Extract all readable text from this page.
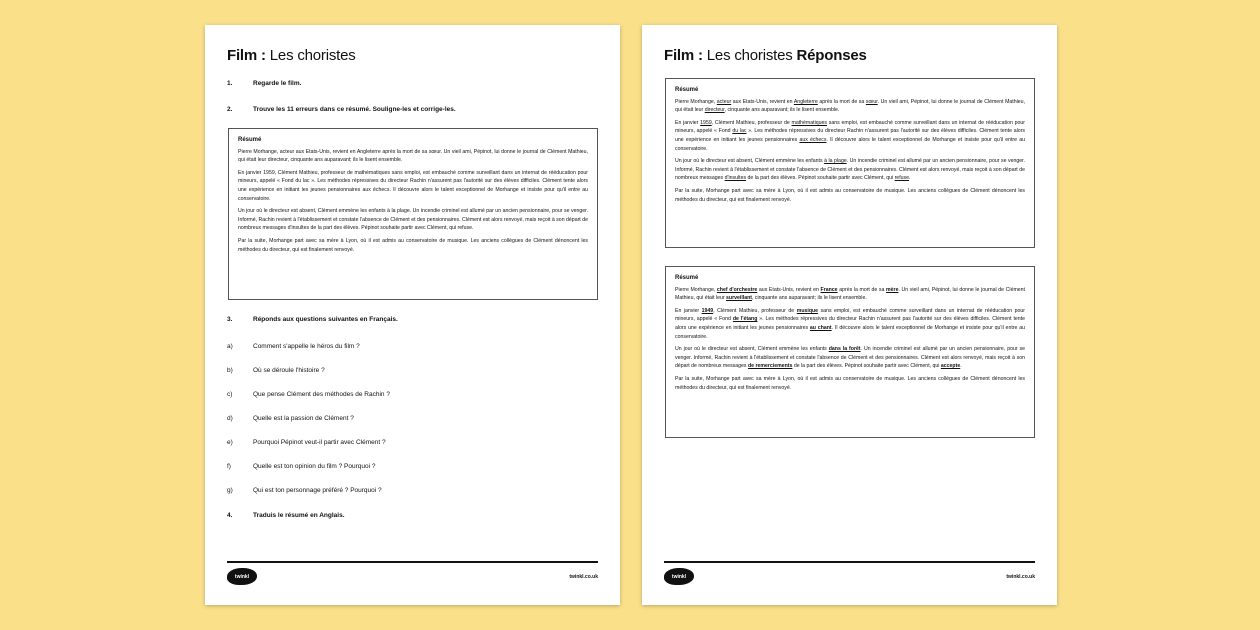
Film : Les choristes
1.	Regarde le film.
2.	Trouve les 11 erreurs dans ce résumé. Souligne-les et corrige-les.
Résumé

Pierre Morhange, acteur aux Etats-Unis, revient en Angleterre après la mort de sa sœur. Un vieil ami, Pépinot, lui donne le journal de Clément Mathieu, qui était leur directeur, cinquante ans auparavant; ils le lisent ensemble.

En janvier 1959, Clément Mathieu, professeur de mathématiques sans emploi, est embauché comme surveillant dans un internat de rééducation pour mineurs, appelé « Fond du lac ». Les méthodes répressives du directeur Rachin n'assurent pas l'autorité sur des élèves difficiles. Clément tente alors une expérience en initiant les jeunes pensionnaires aux échecs. Il découvre alors le talent exceptionnel de Morhange et insiste pour qu'il entre au conservatoire.

Un jour où le directeur est absent, Clément emmène les enfants à la plage. Un incendie criminel est allumé par un ancien pensionnaire, pour se venger. Informé, Rachin revient à l'établissement et constate l'absence de Clément et des pensionnaires. Clément est alors renvoyé, mais reçoit à son départ de nombreux messages d'insultes de la part des élèves. Pépinot souhaite partir avec Clément, qui refuse.

Par la suite, Morhange part avec sa mère à Lyon, où il est admis au conservatoire de musique. Les anciens collègues de Clément dénoncent les méthodes du directeur, qui est finalement renvoyé.

3.	Réponds aux questions suivantes en Français.
4.	Traduis le résumé en Anglais.
twinkl	twinkl.co.uk
a)	Comment s'appelle le héros du film ?
b)	Où se déroule l'histoire ?
c)	Que pense Clément des méthodes de Rachin ?
d)	Quelle est la passion de Clément ?
e)	Pourquoi Pépinot veut-il partir avec Clément ?
f)	Quelle est ton opinion du film ? Pourquoi ?
g)	Qui est ton personnage préféré ? Pourquoi ?
Film : Les choristes Réponses
Résumé

Pierre Morhange, acteur aux Etats-Unis, revient en Angleterre après la mort de sa sœur. Un vieil ami, Pépinot, lui donne le journal de Clément Mathieu, qui était leur directeur, cinquante ans auparavant; ils le lisent ensemble.

En janvier 1959, Clément Mathieu, professeur de mathématiques sans emploi, est embauché comme surveillant dans un internat de rééducation pour mineurs, appelé « Fond du lac ». Les méthodes répressives du directeur Rachin n'assurent pas l'autorité sur des élèves difficiles. Clément tente alors une expérience en initiant les jeunes pensionnaires aux échecs. Il découvre alors le talent exceptionnel de Morhange et insiste pour qu'il entre au conservatoire.

Un jour où le directeur est absent, Clément emmène les enfants à la plage. Un incendie criminel est allumé par un ancien pensionnaire, pour se venger. Informé, Rachin revient à l'établissement et constate l'absence de Clément et des pensionnaires. Clément est alors renvoyé, mais reçoit à son départ de nombreux messages d'insultes de la part des élèves. Pépinot souhaite partir avec Clément, qui refuse.

Par la suite, Morhange part avec sa mère à Lyon, où il est admis au conservatoire de musique. Les anciens collègues de Clément dénoncent les méthodes du directeur, qui est finalement renvoyé.

Résumé

Pierre Morhange, chef d'orchestre aux Etats-Unis, revient en France après la mort de sa mère. Un vieil ami, Pépinot, lui donne le journal de Clément Mathieu, qui était leur surveillant, cinquante ans auparavant; ils le lisent ensemble.

En janvier 1949, Clément Mathieu, professeur de musique sans emploi, est embauché comme surveillant dans un internat de rééducation pour mineurs, appelé « Fond de l'étang ». Les méthodes répressives du directeur Rachin n'assurent pas l'autorité sur des élèves difficiles. Clément tente alors une expérience en initiant les jeunes pensionnaires au chant. Il découvre alors le talent exceptionnel de Morhange et insiste pour qu'il entre au conservatoire.

Un jour où le directeur est absent, Clément emmène les enfants dans la forêt. Un incendie criminel est allumé par un ancien pensionnaire, pour se venger. Informé, Rachin revient à l'établissement et constate l'absence de Clément et des pensionnaires. Clément est alors renvoyé, mais reçoit à son départ de nombreux messages de remerciements de la part des élèves. Pépinot souhaite partir avec Clément, qui accepte.

Par la suite, Morhange part avec sa mère à Lyon, où il est admis au conservatoire de musique. Les anciens collègues de Clément dénoncent les méthodes du directeur, qui est finalement renvoyé.

twinkl	twinkl.co.uk
